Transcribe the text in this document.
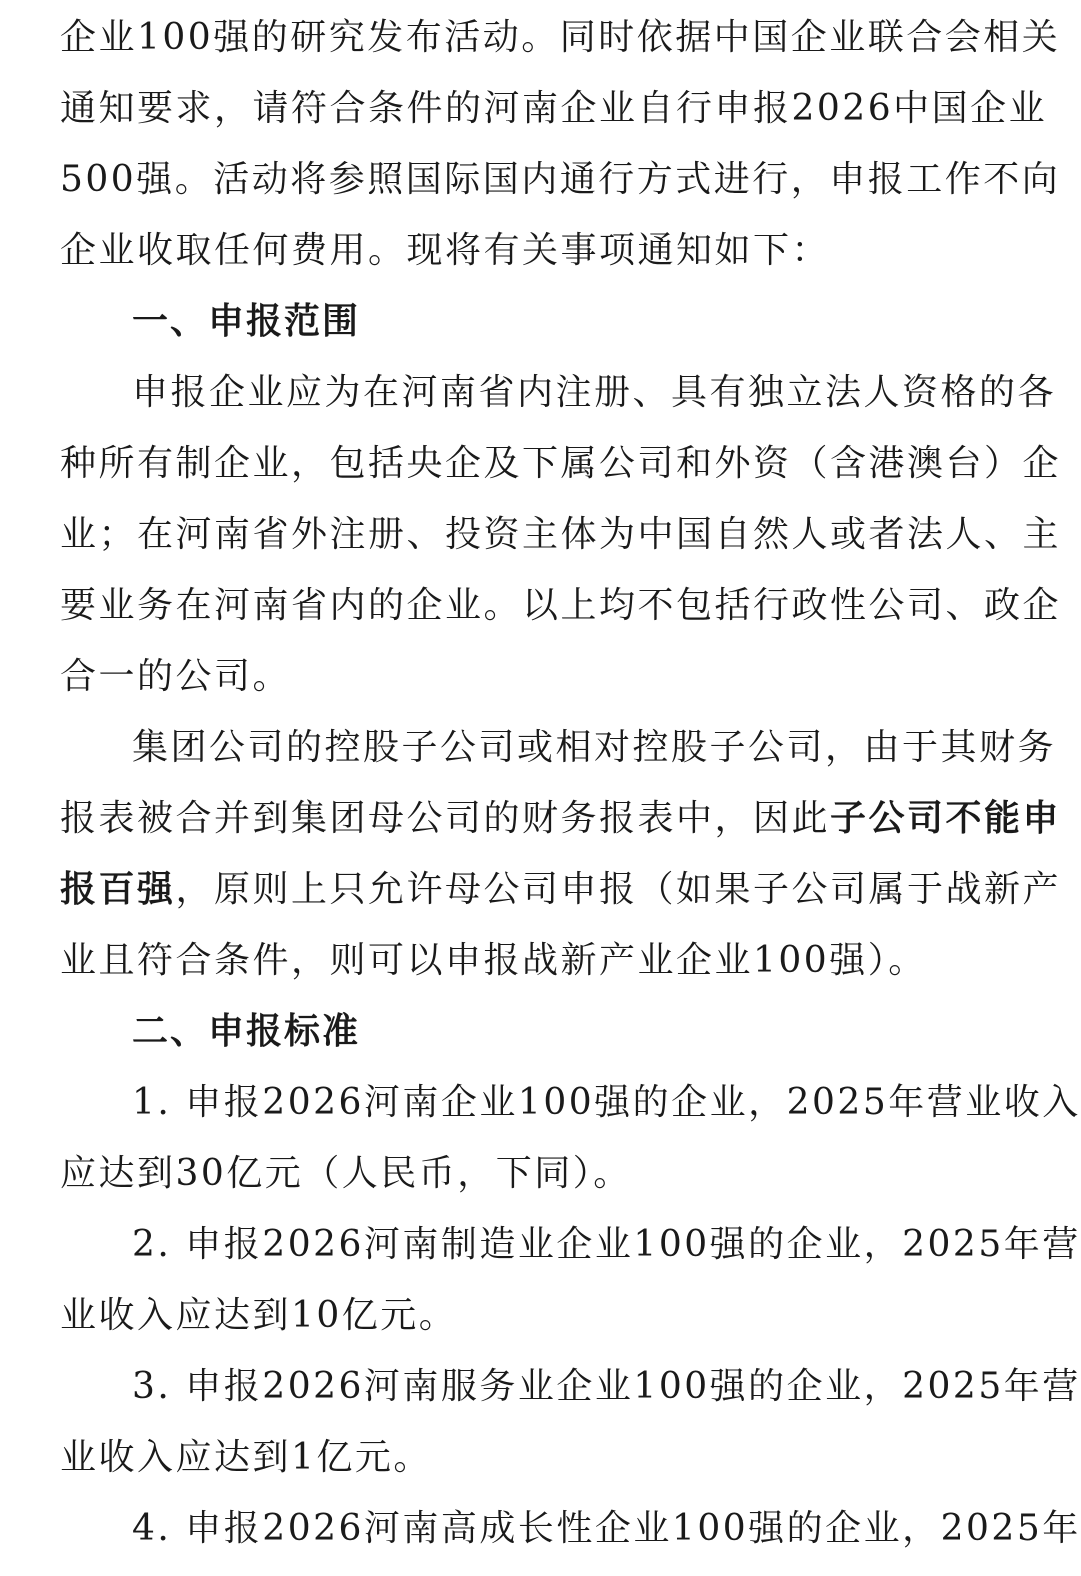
企业100强的研究发布活动。同时依据中国企业联合会相关
通知要求，请符合条件的河南企业自行申报2026中国企业
500强。活动将参照国际国内通行方式进行，申报工作不向
企业收取任何费用。现将有关事项通知如下：
一、申报范围
申报企业应为在河南省内注册、具有独立法人资格的各
种所有制企业，包括央企及下属公司和外资（含港澳台）企
业；在河南省外注册、投资主体为中国自然人或者法人、主
要业务在河南省内的企业。以上均不包括行政性公司、政企
合一的公司。
集团公司的控股子公司或相对控股子公司，由于其财务
报表被合并到集团母公司的财务报表中，因此子公司不能申
报百强，原则上只允许母公司申报（如果子公司属于战新产
业且符合条件，则可以申报战新产业企业100强）。
二、申报标准
1. 申报2026河南企业100强的企业，2025年营业收入
应达到30亿元（人民币，下同）。
2. 申报2026河南制造业企业100强的企业，2025年营
业收入应达到10亿元。
3. 申报2026河南服务业企业100强的企业，2025年营
业收入应达到1亿元。
4. 申报2026河南高成长性企业100强的企业，2025年
